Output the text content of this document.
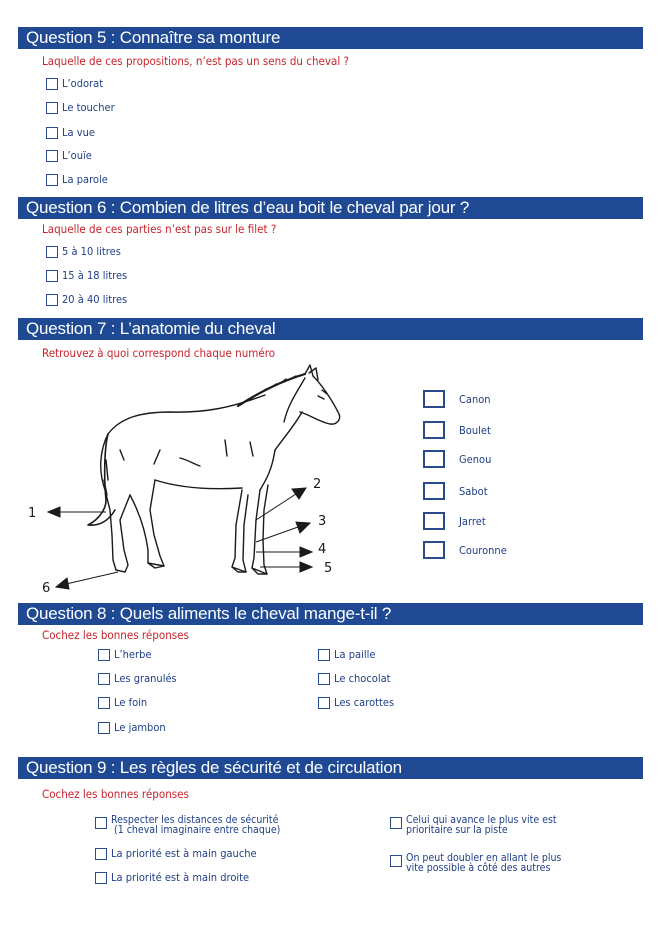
Question 5 : Connaître sa monture
Laquelle de ces propositions, n’est pas un sens du cheval ?
L’odorat
Le toucher
La vue
L’ouïe
La parole
Question 6 : Combien de litres d’eau boit le cheval par jour ?
Laquelle de ces parties n’est pas sur le filet ?
5 à 10 litres
15 à 18 litres
20 à 40 litres
Question 7 : L’anatomie du cheval
Retrouvez à quoi correspond chaque numéro
1
2
3
4
5
6
Canon
Boulet
Genou
Sabot
Jarret
Couronne
Question 8 : Quels aliments le cheval mange-t-il ?
Cochez les bonnes réponses
L’herbe
Les granulés
Le foin
Le jambon
La paille
Le chocolat
Les carottes
Question 9 : Les règles de sécurité et de circulation
Cochez les bonnes réponses
Respecter les distances de sécurité
(1 cheval imaginaire entre chaque)
La priorité est à main gauche
La priorité est à main droite
Celui qui avance le plus vite est
prioritaire sur la piste
On peut doubler en allant le plus
vite possible à côté des autres
